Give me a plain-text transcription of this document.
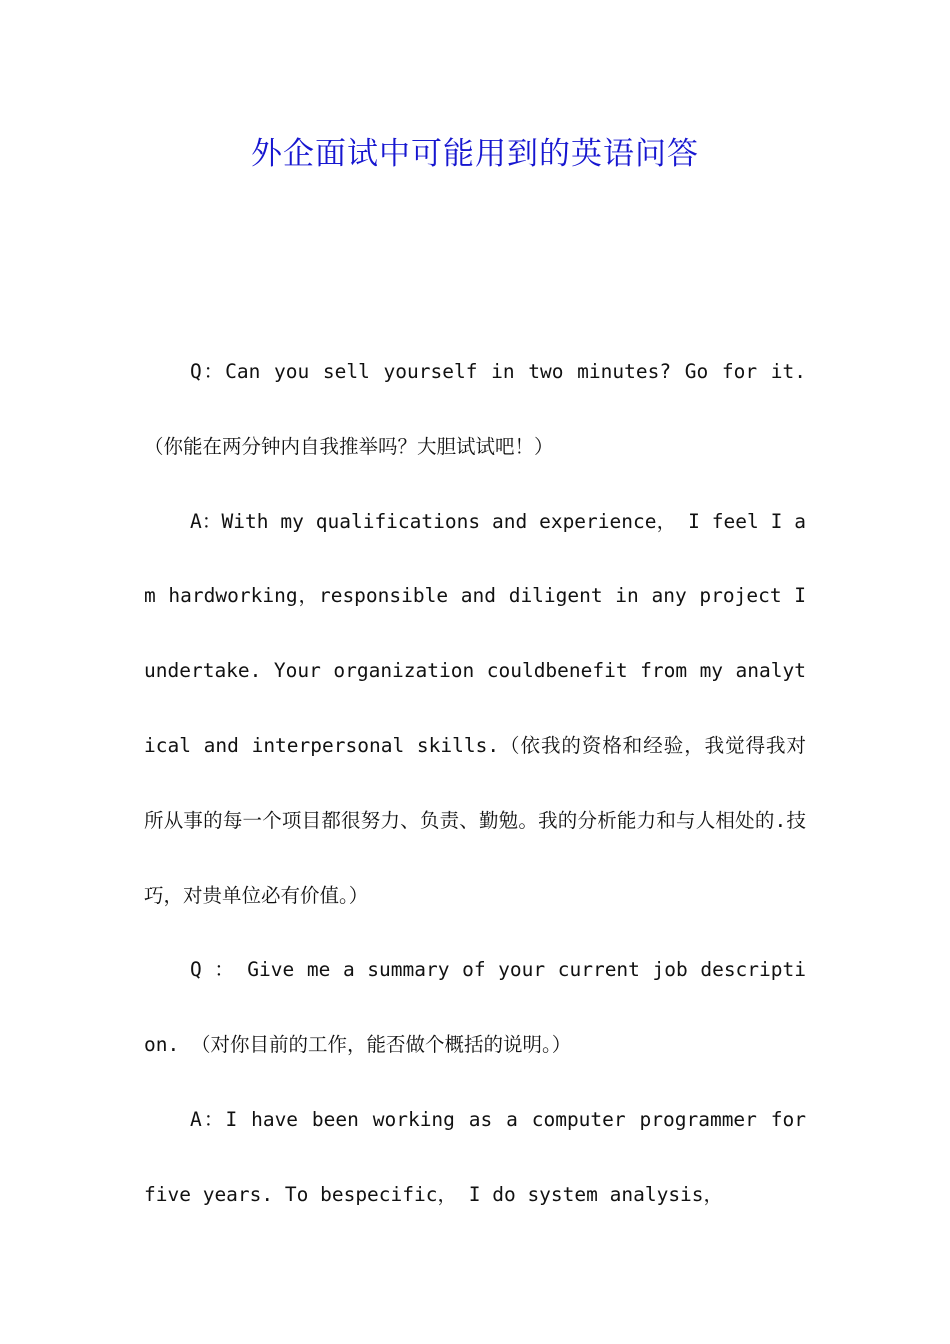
外企面试中可能用到的英语问答

Q：Can you sell yourself in two minutes? Go for it. （你能在两分钟内自我推举吗？大胆试试吧！）

A：With my qualifications and experience， I feel I am hardworking，responsible and diligent in any project I undertake. Your organization couldbenefit from my analytical and interpersonal skills.（依我的资格和经验，我觉得我对所从事的每一个项目都很努力、负责、勤勉。我的分析能力和与人相处的.技巧，对贵单位必有价值。）

Q ： Give me a summary of your current job description. （对你目前的工作，能否做个概括的说明。）

A：I have been working as a computer programmer for five years. To bespecific， I do system analysis，
